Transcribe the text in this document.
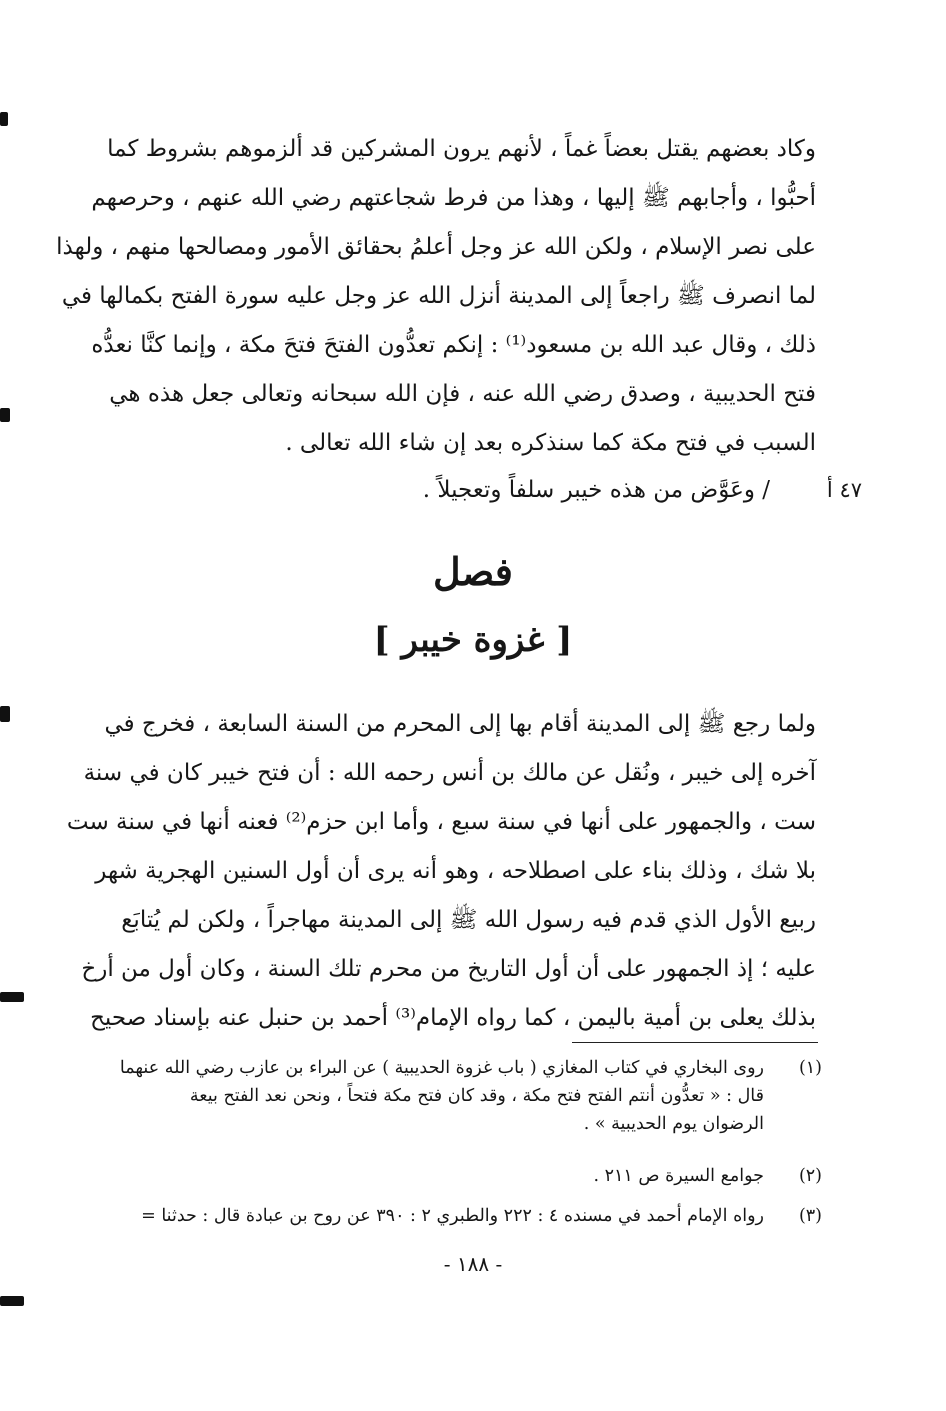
وكاد بعضهم يقتل بعضاً غماً ، لأنهم يرون المشركين قد ألزموهم بشروط كما
أحبُّوا ، وأجابهم ﷺ إليها ، وهذا من فرط شجاعتهم رضي الله عنهم ، وحرصهم
على نصر الإسلام ، ولكن الله عز وجل أعلمُ بحقائق الأمور ومصالحها منهم ، ولهذا
لما انصرف ﷺ راجعاً إلى المدينة أنزل الله عز وجل عليه سورة الفتح بكمالها في
ذلك ، وقال عبد الله بن مسعود⁽¹⁾ : إنكم تعدُّون الفتحَ فتحَ مكة ، وإنما كنَّا نعدُّه
فتح الحديبية ، وصدق رضي الله عنه ، فإن الله سبحانه وتعالى جعل هذه هي
السبب في فتح مكة كما سنذكره بعد إن شاء الله تعالى .
٤٧ أ
/ وعَوَّض من هذه خيبر سلفاً وتعجيلاً .
فصل
[ غزوة خيبر ]
ولما رجع ﷺ إلى المدينة أقام بها إلى المحرم من السنة السابعة ، فخرج في
آخره إلى خيبر ، ونُقل عن مالك بن أنس رحمه الله : أن فتح خيبر كان في سنة
ست ، والجمهور على أنها في سنة سبع ، وأما ابن حزم⁽²⁾ فعنه أنها في سنة ست
بلا شك ، وذلك بناء على اصطلاحه ، وهو أنه يرى أن أول السنين الهجرية شهر
ربيع الأول الذي قدم فيه رسول الله ﷺ إلى المدينة مهاجراً ، ولكن لم يُتابَع
عليه ؛ إذ الجمهور على أن أول التاريخ من محرم تلك السنة ، وكان أول من أرخ
بذلك يعلى بن أمية باليمن ، كما رواه الإمام⁽³⁾ أحمد بن حنبل عنه بإسناد صحيح
(١)
روى البخاري في كتاب المغازي ( باب غزوة الحديبية ) عن البراء بن عازب رضي الله عنهما
قال : « تعدُّون أنتم الفتح فتح مكة ، وقد كان فتح مكة فتحاً ، ونحن نعد الفتح بيعة
الرضوان يوم الحديبية » .
(٢)
جوامع السيرة ص ٢١١ .
(٣)
رواه الإمام أحمد في مسنده ٤ : ٢٢٢ والطبري ٢ : ٣٩٠ عن روح بن عبادة قال : حدثنا =
- ١٨٨ -
